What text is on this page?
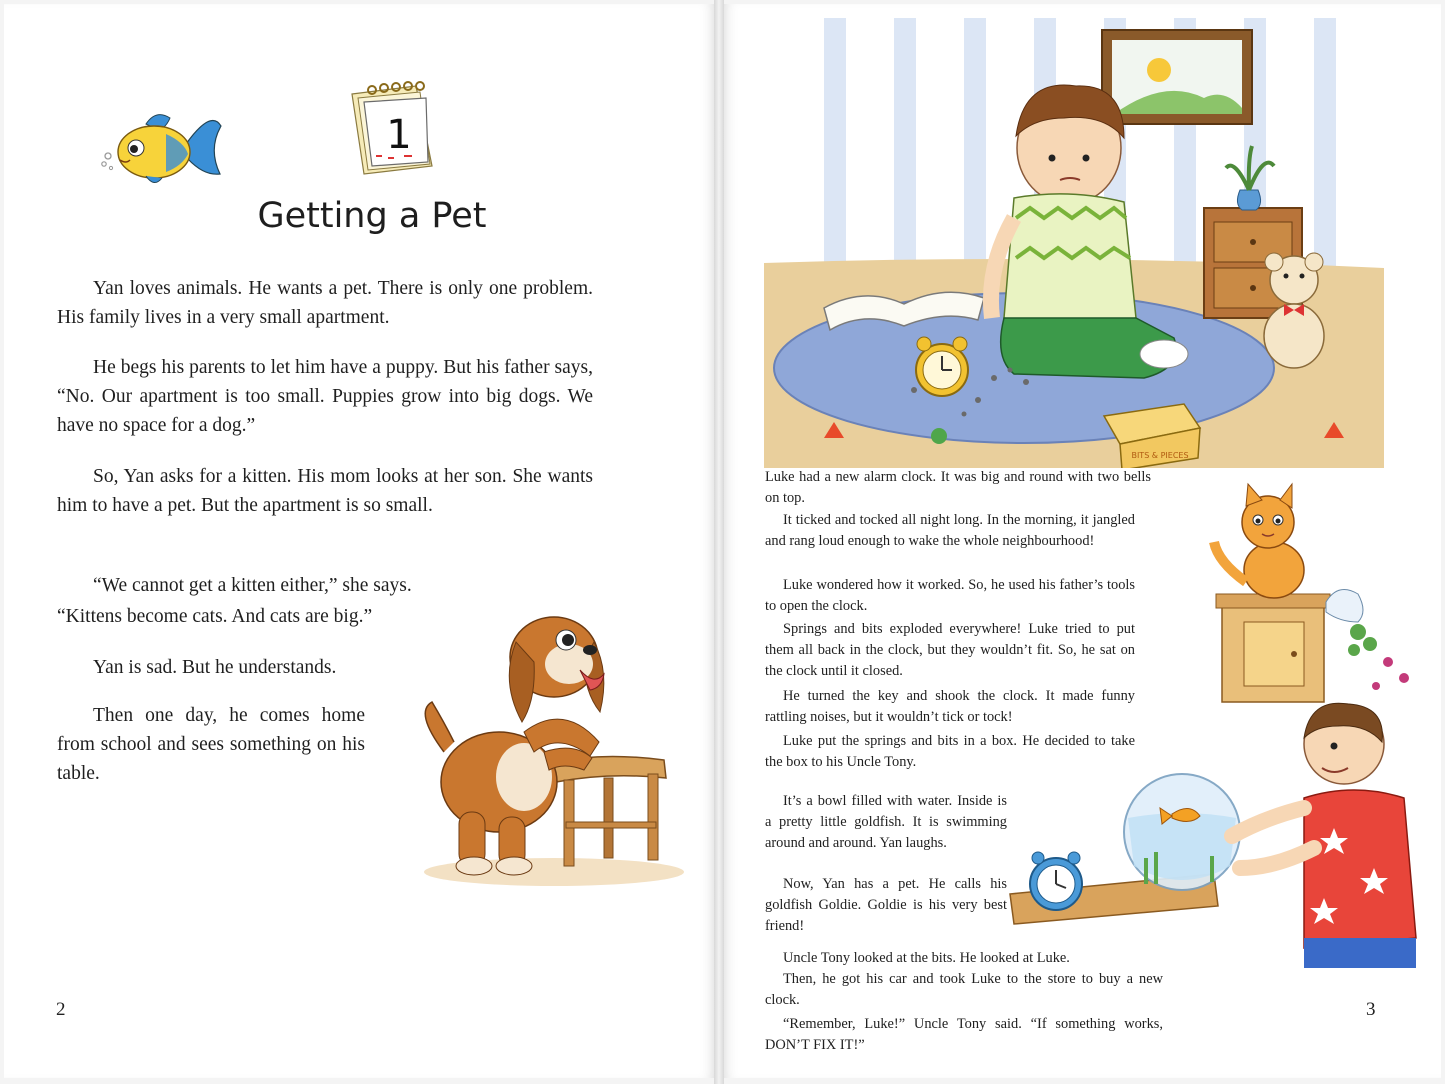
1
Getting a Pet

Yan loves animals. He wants a pet. There is only one problem. His family lives in a very small apartment.

He begs his parents to let him have a puppy. But his father says, “No. Our apartment is too small. Puppies grow into big dogs. We have no space for a dog.”

So, Yan asks for a kitten. His mom looks at her son. She wants him to have a pet. But the apartment is so small.

“We cannot get a kitten either,” she says.

“Kittens become cats. And cats are big.”

Yan is sad. But he understands.

Then one day, he comes home from school and sees something on his table.

2
BITS & PIECES

Luke had a new alarm clock. It was big and round with two bells on top.

It ticked and tocked all night long. In the morning, it jangled and rang loud enough to wake the whole neighbourhood!

Luke wondered how it worked. So, he used his father’s tools to open the clock.

Springs and bits exploded everywhere! Luke tried to put them all back in the clock, but they wouldn’t fit. So, he sat on the clock until it closed.

He turned the key and shook the clock. It made funny rattling noises, but it wouldn’t tick or tock!

Luke put the springs and bits in a box. He decided to take the box to his Uncle Tony.

It’s a bowl filled with water. Inside is a pretty little goldfish. It is swimming around and around. Yan laughs.

Now, Yan has a pet. He calls his goldfish Goldie. Goldie is his very best friend!

Uncle Tony looked at the bits. He looked at Luke.

Then, he got his car and took Luke to the store to buy a new clock.

“Remember, Luke!” Uncle Tony said. “If something works, DON’T FIX IT!”

3
